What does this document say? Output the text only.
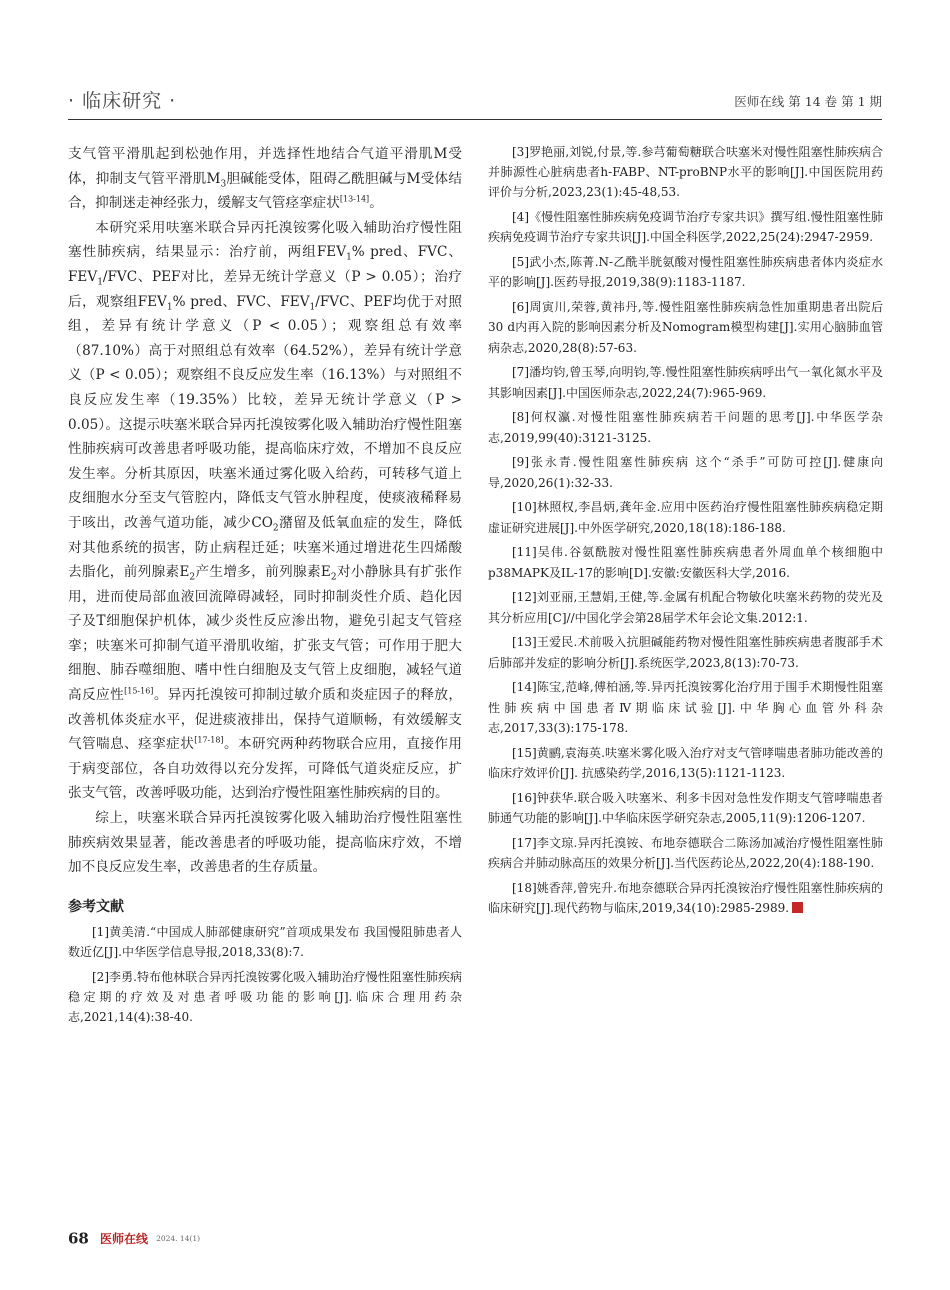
· 临床研究 ·	医师在线 第 14 卷 第 1 期

支气管平滑肌起到松弛作用，并选择性地结合气道平滑肌M受体，抑制支气管平滑肌$M_3$胆碱能受体，阻碍乙酰胆碱与M受体结合，抑制迷走神经张力，缓解支气管痉挛症状[13-14]。

本研究采用呋塞米联合异丙托溴铵雾化吸入辅助治疗慢性阻塞性肺疾病，结果显示：治疗前，两组$FEV_1\%$ pred、FVC、$FEV_1$/FVC、PEF对比，差异无统计学意义（P > 0.05）；治疗后，观察组$FEV_1\%$ pred、FVC、$FEV_1$/FVC、PEF均优于对照组，差异有统计学意义（P < 0.05）；观察组总有效率（87.10%）高于对照组总有效率（64.52%），差异有统计学意义（P < 0.05）；观察组不良反应发生率（16.13%）与对照组不良反应发生率（19.35%）比较，差异无统计学意义（P > 0.05）。这提示呋塞米联合异丙托溴铵雾化吸入辅助治疗慢性阻塞性肺疾病可改善患者呼吸功能，提高临床疗效，不增加不良反应发生率。分析其原因，呋塞米通过雾化吸入给药，可转移气道上皮细胞水分至支气管腔内，降低支气管水肿程度，使痰液稀释易于咳出，改善气道功能，减少$CO_2$潴留及低氧血症的发生，降低对其他系统的损害，防止病程迁延；呋塞米通过增进花生四烯酸去脂化，前列腺素$E_2$产生增多，前列腺素$E_2$对小静脉具有扩张作用，进而使局部血液回流障碍减轻，同时抑制炎性介质、趋化因子及T细胞保护机体，减少炎性反应渗出物，避免引起支气管痉挛；呋塞米可抑制气道平滑肌收缩，扩张支气管；可作用于肥大细胞、肺吞噬细胞、嗜中性白细胞及支气管上皮细胞，减轻气道高反应性[15-16]。异丙托溴铵可抑制过敏介质和炎症因子的释放，改善机体炎症水平，促进痰液排出，保持气道顺畅，有效缓解支气管喘息、痉挛症状[17-18]。本研究两种药物联合应用，直接作用于病变部位，各自功效得以充分发挥，可降低气道炎症反应，扩张支气管，改善呼吸功能，达到治疗慢性阻塞性肺疾病的目的。

综上，呋塞米联合异丙托溴铵雾化吸入辅助治疗慢性阻塞性肺疾病效果显著，能改善患者的呼吸功能，提高临床疗效，不增加不良反应发生率，改善患者的生存质量。

参考文献

[1]黄美清.“中国成人肺部健康研究”首项成果发布 我国慢阻肺患者人数近亿[J].中华医学信息导报,2018,33(8):7.

[2]李勇.特布他林联合异丙托溴铵雾化吸入辅助治疗慢性阻塞性肺疾病稳定期的疗效及对患者呼吸功能的影响[J].临床合理用药杂志,2021,14(4):38-40.

[3]罗艳丽,刘锐,付景,等.参芎葡萄糖联合呋塞米对慢性阻塞性肺疾病合并肺源性心脏病患者h-FABP、NT-proBNP水平的影响[J].中国医院用药评价与分析,2023,23(1):45-48,53.

[4]《慢性阻塞性肺疾病免疫调节治疗专家共识》撰写组.慢性阻塞性肺疾病免疫调节治疗专家共识[J].中国全科医学,2022,25(24):2947-2959.

[5]武小杰,陈菁.N-乙酰半胱氨酸对慢性阻塞性肺疾病患者体内炎症水平的影响[J].医药导报,2019,38(9):1183-1187.

[6]周寅川,荣蓉,黄祎丹,等.慢性阻塞性肺疾病急性加重期患者出院后30 d内再入院的影响因素分析及Nomogram模型构建[J].实用心脑肺血管病杂志,2020,28(8):57-63.

[7]潘均钧,曾玉琴,向明钧,等.慢性阻塞性肺疾病呼出气一氧化氮水平及其影响因素[J].中国医师杂志,2022,24(7):965-969.

[8]何权瀛.对慢性阻塞性肺疾病若干问题的思考[J].中华医学杂志,2019,99(40):3121-3125.

[9]张永青.慢性阻塞性肺疾病 这个“杀手”可防可控[J].健康向导,2020,26(1):32-33.

[10]林照权,李昌炳,龚年金.应用中医药治疗慢性阻塞性肺疾病稳定期虚证研究进展[J].中外医学研究,2020,18(18):186-188.

[11]吴伟.谷氨酰胺对慢性阻塞性肺疾病患者外周血单个核细胞中p38MAPK及IL-17的影响[D].安徽:安徽医科大学,2016.

[12]刘亚丽,王慧娟,王健,等.金属有机配合物敏化呋塞米药物的荧光及其分析应用[C]//中国化学会第28届学术年会论文集.2012:1.

[13]王爱民.术前吸入抗胆碱能药物对慢性阻塞性肺疾病患者腹部手术后肺部并发症的影响分析[J].系统医学,2023,8(13):70-73.

[14]陈宝,范峰,傅柏涵,等.异丙托溴铵雾化治疗用于围手术期慢性阻塞性肺疾病中国患者Ⅳ期临床试验[J].中华胸心血管外科杂志,2017,33(3):175-178.

[15]黄鹂,袁海英.呋塞米雾化吸入治疗对支气管哮喘患者肺功能改善的临床疗效评价[J]. 抗感染药学,2016,13(5):1121-1123.

[16]钟获华.联合吸入呋塞米、利多卡因对急性发作期支气管哮喘患者肺通气功能的影响[J].中华临床医学研究杂志,2005,11(9):1206-1207.

[17]李文琼.异丙托溴铵、布地奈德联合二陈汤加减治疗慢性阻塞性肺疾病合并肺动脉高压的效果分析[J].当代医药论丛,2022,20(4):188-190.

[18]姚香萍,曾宪升.布地奈德联合异丙托溴铵治疗慢性阻塞性肺疾病的临床研究[J].现代药物与临床,2019,34(10):2985-2989.

68 医师在线 2024. 14(1)
